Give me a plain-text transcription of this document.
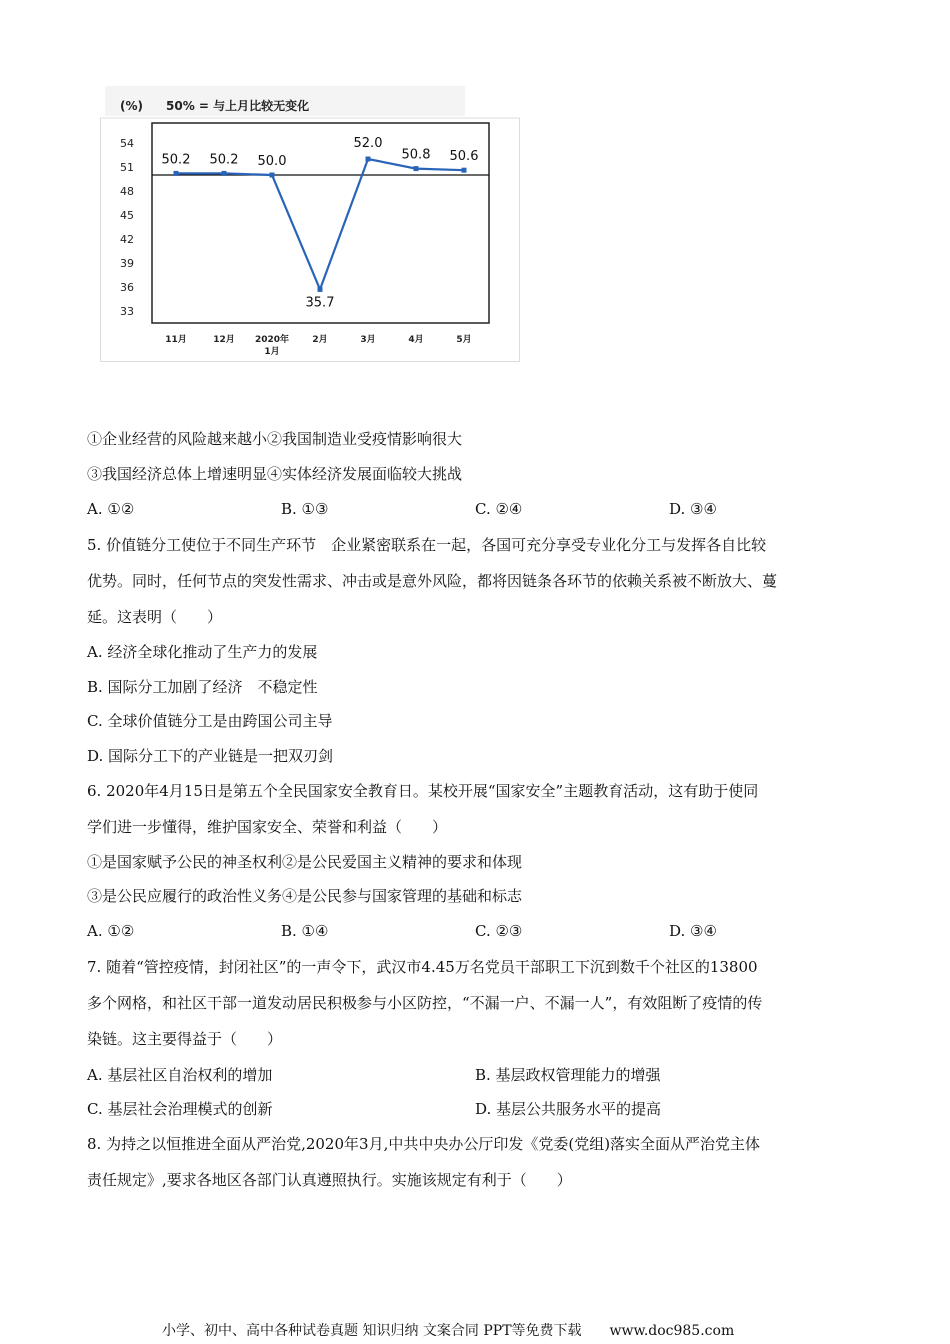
(%) 50% = 与上月比较无变化
54
51
48
45
42
39
36
33
50.2 50.2 50.0
35.7
52.0
50.8 50.6
11月	12月 2020年
1月
2月	3月	4月	5月
①企业经营的风险越来越小②我国制造业受疫情影响很大
③我国经济总体上增速明显④实体经济发展面临较大挑战
A. ①②	B. ①③	C. ②④	D. ③④
5. 价值链分工使位于不同生产环节　企业紧密联系在一起，各国可充分享受专业化分工与发挥各自比较
优势。同时，任何节点的突发性需求、冲击或是意外风险，都将因链条各环节的依赖关系被不断放大、蔓
延。这表明（　　）
A. 经济全球化推动了生产力的发展
B. 国际分工加剧了经济　不稳定性
C. 全球价值链分工是由跨国公司主导
D. 国际分工下的产业链是一把双刃剑
6. 2020年4月15日是第五个全民国家安全教育日。某校开展“国家安全”主题教育活动，这有助于使同
学们进一步懂得，维护国家安全、荣誉和利益（　　）
①是国家赋予公民的神圣权利②是公民爱国主义精神的要求和体现
③是公民应履行的政治性义务④是公民参与国家管理的基础和标志
A. ①②	B. ①④	C. ②③	D. ③④
7. 随着“管控疫情，封闭社区”的一声令下，武汉市4.45万名党员干部职工下沉到数千个社区的13800
多个网格，和社区干部一道发动居民积极参与小区防控，“不漏一户、不漏一人”，有效阻断了疫情的传
染链。这主要得益于（　　）
A. 基层社区自治权利的增加	B. 基层政权管理能力的增强
C. 基层社会治理模式的创新	D. 基层公共服务水平的提高
8. 为持之以恒推进全面从严治党,2020年3月,中共中央办公厅印发《党委(党组)落实全面从严治党主体
责任规定》,要求各地区各部门认真遵照执行。实施该规定有利于（　　）
小学、初中、高中各种试卷真题 知识归纳 文案合同 PPT等免费下载　　www.doc985.com
